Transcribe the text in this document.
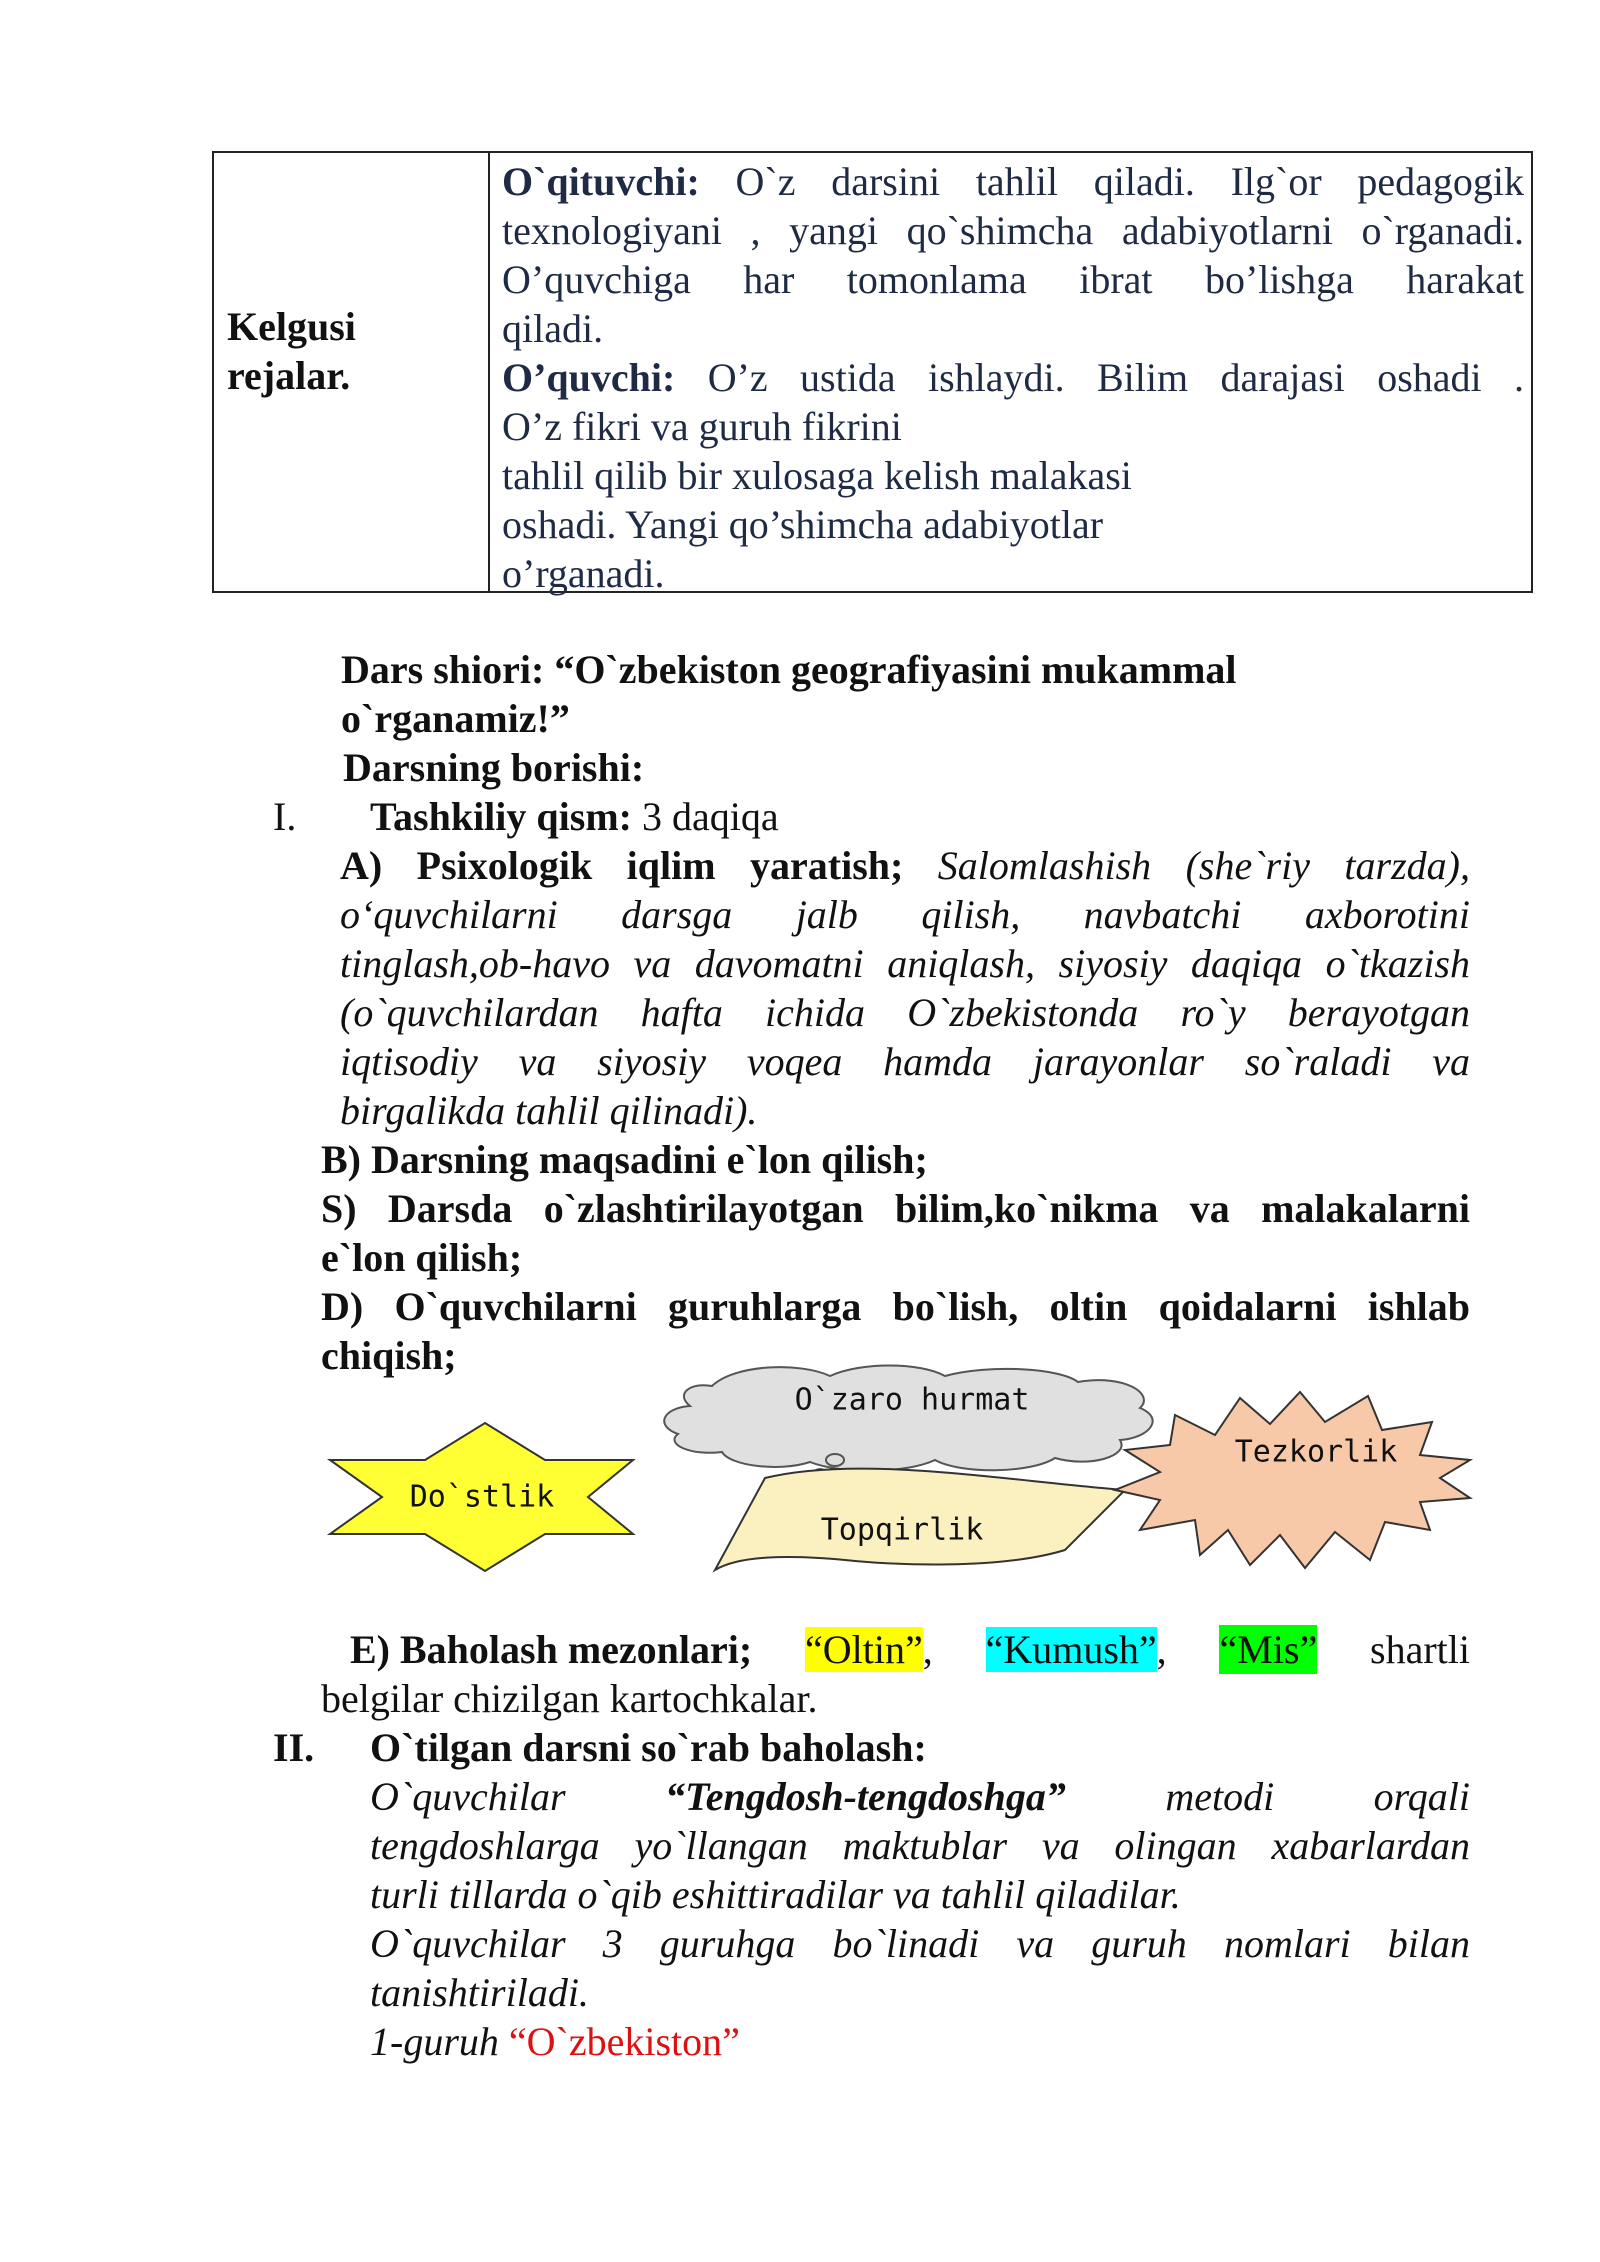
Kelgusi
rejalar.
O`qituvchi: O`z darsini tahlil qiladi. Ilg`or pedagogik
texnologiyani , yangi qo`shimcha adabiyotlarni o`rganadi.
O’quvchiga har tomonlama ibrat bo’lishga harakat
qiladi.
O’quvchi: O’z ustida ishlaydi. Bilim darajasi oshadi .
O’z fikri va guruh fikrini
tahlil qilib bir xulosaga kelish malakasi
oshadi. Yangi qo’shimcha adabiyotlar
o’rganadi.
Dars shiori: “O`zbekiston geografiyasini mukammal
o`rganamiz!”
Darsning borishi:
I. Tashkiliy qism: 3 daqiqa
A) Psixologik iqlim yaratish; Salomlashish (she`riy tarzda),
o‘quvchilarni darsga jalb qilish, navbatchi axborotini
tinglash,ob-havo va davomatni aniqlash, siyosiy daqiqa o`tkazish
(o`quvchilardan hafta ichida O`zbekistonda ro`y berayotgan
iqtisodiy va siyosiy voqea hamda jarayonlar so`raladi va
birgalikda tahlil qilinadi).
B) Darsning maqsadini e`lon qilish;
S) Darsda o`zlashtirilayotgan bilim,ko`nikma va malakalarni
e`lon qilish;
D) O`quvchilarni guruhlarga bo`lish, oltin qoidalarni ishlab
chiqish;
Do`stlik
O`zaro hurmat
Topqirlik
Tezkorlik
E) Baholash mezonlari; “Oltin”, “Kumush”, “Mis” shartli
belgilar chizilgan kartochkalar.
II. O`tilgan darsni so`rab baholash:
O`quvchilar “Tengdosh-tengdoshga” metodi orqali
tengdoshlarga yo`llangan maktublar va olingan xabarlardan
turli tillarda o`qib eshittiradilar va tahlil qiladilar.
O`quvchilar 3 guruhga bo`linadi va guruh nomlari bilan
tanishtiriladi.
1-guruh “O`zbekiston”
